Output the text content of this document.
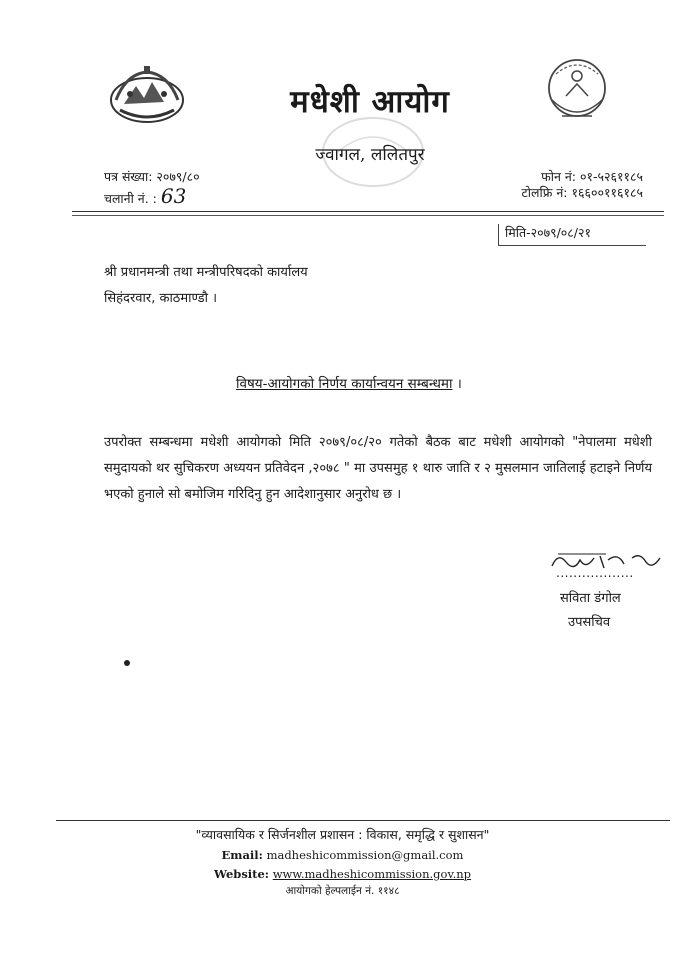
मधेशी आयोग
ज्वागल, ललितपुर
पत्र संख्या: २०७९/८०
चलानी नं. : 63
फोन नं: ०१-५२६११८५
टोलफ्रि नं: १६६००११६१८५
मिति-२०७९/०८/२१
श्री प्रधानमन्त्री तथा मन्त्रीपरिषदको कार्यालय
सिहंदरवार, काठमाण्डौ ।
विषय-आयोगको निर्णय कार्यान्वयन सम्बन्धमा ।
उपरोक्त सम्बन्धमा मधेशी आयोगको मिति २०७९/०८/२० गतेको बैठक बाट मधेशी आयोगको "नेपालमा मधेशी समुदायको थर सुचिकरण अध्ययन प्रतिवेदन ,२०७८ " मा उपसमुह १ थारु जाति र २ मुसलमान जातिलाई हटाइने निर्णय भएको हुनाले सो बमोजिम गरिदिनु हुन आदेशानुसार अनुरोध छ ।
..................
सविता डंगोल
उपसचिव
"व्यावसायिक र सिर्जनशील प्रशासन : विकास, समृद्धि र सुशासन"
Email: madheshicommission@gmail.com
Website: www.madheshicommission.gov.np
आयोगको हेल्पलाईन नं. ११४८
